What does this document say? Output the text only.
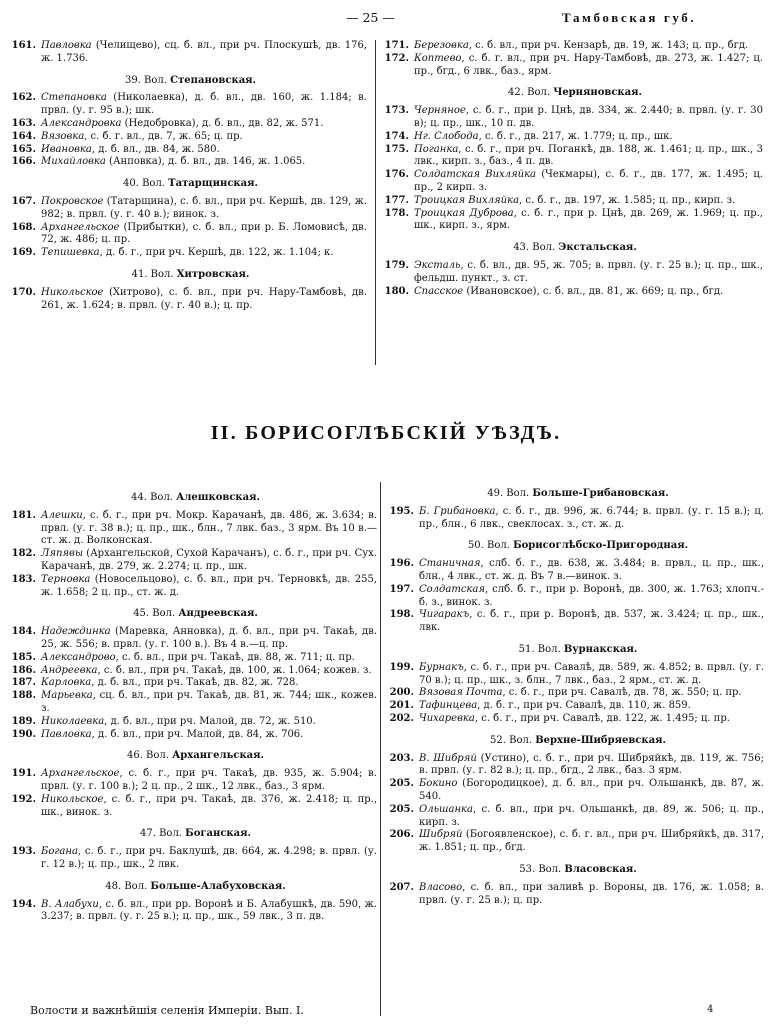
— 25 —	Тамбовская губ.
161. Павловка (Челищево), сц. б. вл., при рч. Плоскушѣ, дв. 176, ж. 1.736.
39. Вол. Степановская.
162. Степановка (Николаевка), д. б. вл., дв. 160, ж. 1.184; в. првл. (у. г. 95 в.); шк.
163. Александровка (Недобровка), д. б. вл., дв. 82, ж. 571.
164. Вязовка, с. б. г. вл., дв. 7, ж. 65; ц. пр.
165. Ивановка, д. б. вл., дв. 84, ж. 580.
166. Михайловка (Анповка), д. б. вл., дв. 146, ж. 1.065.
40. Вол. Татарщинская.
167. Покровское (Татарщина), с. б. вл., при рч. Кершѣ, дв. 129, ж. 982; в. првл. (у. г. 40 в.); винок. з.
168. Архангельское (Прибытки), с. б. вл., при р. Б. Ломовисѣ, дв. 72, ж. 486; ц. пр.
169. Тепишевка, д. б. г., при рч. Кершѣ, дв. 122, ж. 1.104; к.
41. Вол. Хитровская.
170. Никольское (Хитрово), с. б. вл., при рч. Нару-Тамбовѣ, дв. 261, ж. 1.624; в. првл. (у. г. 40 в.); ц. пр.
171. Березовка, с. б. вл., при рч. Кензарѣ, дв. 19, ж. 143; ц. пр., бгд.
172. Коптево, с. б. г. вл., при рч. Нару-Тамбовѣ, дв. 273, ж. 1.427; ц. пр., бгд., 6 лвк., баз., ярм.
42. Вол. Черняновская.
173. Черняное, с. б. г., при р. Цнѣ, дв. 334, ж. 2.440; в. првл. (у. г. 30 в); ц. пр., шк., 10 п. дв.
174. Нг. Слобода, с. б. г., дв. 217, ж. 1.779; ц. пр., шк.
175. Поганка, с. б. г., при рч. Поганкѣ, дв. 188, ж. 1.461; ц. пр., шк., 3 лвк., кирп. з., баз., 4 п. дв.
176. Солдатская Вихляйка (Чекмары), с. б. г., дв. 177, ж. 1.495; ц. пр., 2 кирп. з.
177. Троицкая Вихляйка, с. б. г., дв. 197, ж. 1.585; ц. пр., кирп. з.
178. Троицкая Дуброва, с. б. г., при р. Цнѣ, дв. 269, ж. 1.969; ц. пр., шк., кирп. з., ярм.
43. Вол. Экстальская.
179. Эксталь, с. б. вл., дв. 95, ж. 705; в. првл. (у. г. 25 в.); ц. пр., шк., фельдш. пункт., з. ст.
180. Спасское (Ивановское), с. б. вл., дв. 81, ж. 669; ц. пр., бгд.
II. БОРИСОГЛѢБСКІЙ УѢЗДЪ.
44. Вол. Алешковская.
181. Алешки, с. б. г., при рч. Мокр. Карачанѣ, дв. 486, ж. 3.634; в. првл. (у. г. 38 в.); ц. пр., шк., блн., 7 лвк. баз., 3 ярм. Въ 10 в.—ст. ж. д. Волконская.
182. Ляпявы (Архангельской, Сухой Карачанъ), с. б. г., при рч. Сух. Карачанѣ, дв. 279, ж. 2.274; ц. пр., шк.
183. Терновка (Новосельцово), с. б. вл., при рч. Терновкѣ, дв. 255, ж. 1.658; 2 ц. пр., ст. ж. д.
45. Вол. Андреевская.
184. Надеждинка (Маревка, Анновка), д. б. вл., при рч. Такаѣ, дв. 25, ж. 556; в. првл. (у. г. 100 в.). Въ 4 в.—ц. пр.
185. Александрово, с. б. вл., при рч. Такаѣ, дв. 88, ж. 711; ц. пр.
186. Андреевка, с. б. вл., при рч. Такаѣ, дв. 100, ж. 1.064; кожев. з.
187. Карловка, д. б. вл., при рч. Такаѣ, дв. 82, ж. 728.
188. Марьевка, сц. б. вл., при рч. Такаѣ, дв. 81, ж. 744; шк., кожев. з.
189. Николаевка, д. б. вл., при рч. Малой, дв. 72, ж. 510.
190. Павловка, д. б. вл., при рч. Малой, дв. 84, ж. 706.
46. Вол. Архангельская.
191. Архангельское, с. б. г., при рч. Такаѣ, дв. 935, ж. 5.904; в. првл. (у. г. 100 в.); 2 ц. пр., 2 шк., 12 лвк., баз., 3 ярм.
192. Никольское, с. б. г., при рч. Такаѣ, дв. 376, ж. 2.418; ц. пр., шк., винок. з.
47. Вол. Боганская.
193. Богана, с. б. г., при рч. Баклушѣ, дв. 664, ж. 4.298; в. првл. (у. г. 12 в.); ц. пр., шк., 2 лвк.
48. Вол. Больше-Алабуховская.
194. В. Алабухи, с. б. вл., при рр. Воронѣ и Б. Алабушкѣ, дв. 590, ж. 3.237; в. првл. (у. г. 25 в.); ц. пр., шк., 59 лвк., 3 п. дв.
49. Вол. Больше-Грибановская.
195. Б. Грибановка, с. б. г., дв. 996, ж. 6.744; в. првл. (у. г. 15 в.); ц. пр., блн., 6 лвк., свеклосах. з., ст. ж. д.
50. Вол. Борисоглѣбско-Пригородная.
196. Станичная, слб. б. г., дв. 638, ж. 3.484; в. првл., ц. пр., шк., блн., 4 лвк., ст. ж. д. Въ 7 в.—винок. з.
197. Солдатская, слб. б. г., при р. Воронѣ, дв. 300, ж. 1.763; хлопч.-б. з., винок. з.
198. Чигаракъ, с. б. г., при р. Воронѣ, дв. 537, ж. 3.424; ц. пр., шк., лвк.
51. Вол. Вурнакская.
199. Бурнакъ, с. б. г., при рч. Савалѣ, дв. 589, ж. 4.852; в. првл. (у. г. 70 в.); ц. пр., шк., з. блн., 7 лвк., баз., 2 ярм., ст. ж. д.
200. Вязовая Почта, с. б. г., при рч. Савалѣ, дв. 78, ж. 550; ц. пр.
201. Тафинцева, д. б. г., при рч. Савалѣ, дв. 110, ж. 859.
202. Чихаревка, с. б. г., при рч. Савалѣ, дв. 122, ж. 1.495; ц. пр.
52. Вол. Верхне-Шибряевская.
203. В. Шибряй (Устино), с. б. г., при рч. Шибряйкѣ, дв. 119, ж. 756; в. првл. (у. г. 82 в.); ц. пр., бгд., 2 лвк., баз. 3 ярм.
205. Бокино (Богородицкое), д. б. вл., при рч. Ольшанкѣ, дв. 87, ж. 540.
205. Ольшанка, с. б. вл., при рч. Ольшанкѣ, дв. 89, ж. 506; ц. пр., кирп. з.
206. Шибряй (Богоявленское), с. б. г. вл., при рч. Шибряйкѣ, дв. 317, ж. 1.851; ц. пр., бгд.
53. Вол. Власовская.
207. Власово, с. б. вл., при заливѣ р. Вороны, дв. 176, ж. 1.058; в. првл. (у. г. 25 в.); ц. пр.
Волости и важнѣйшія селенія Имперіи. Вып. I.	4
